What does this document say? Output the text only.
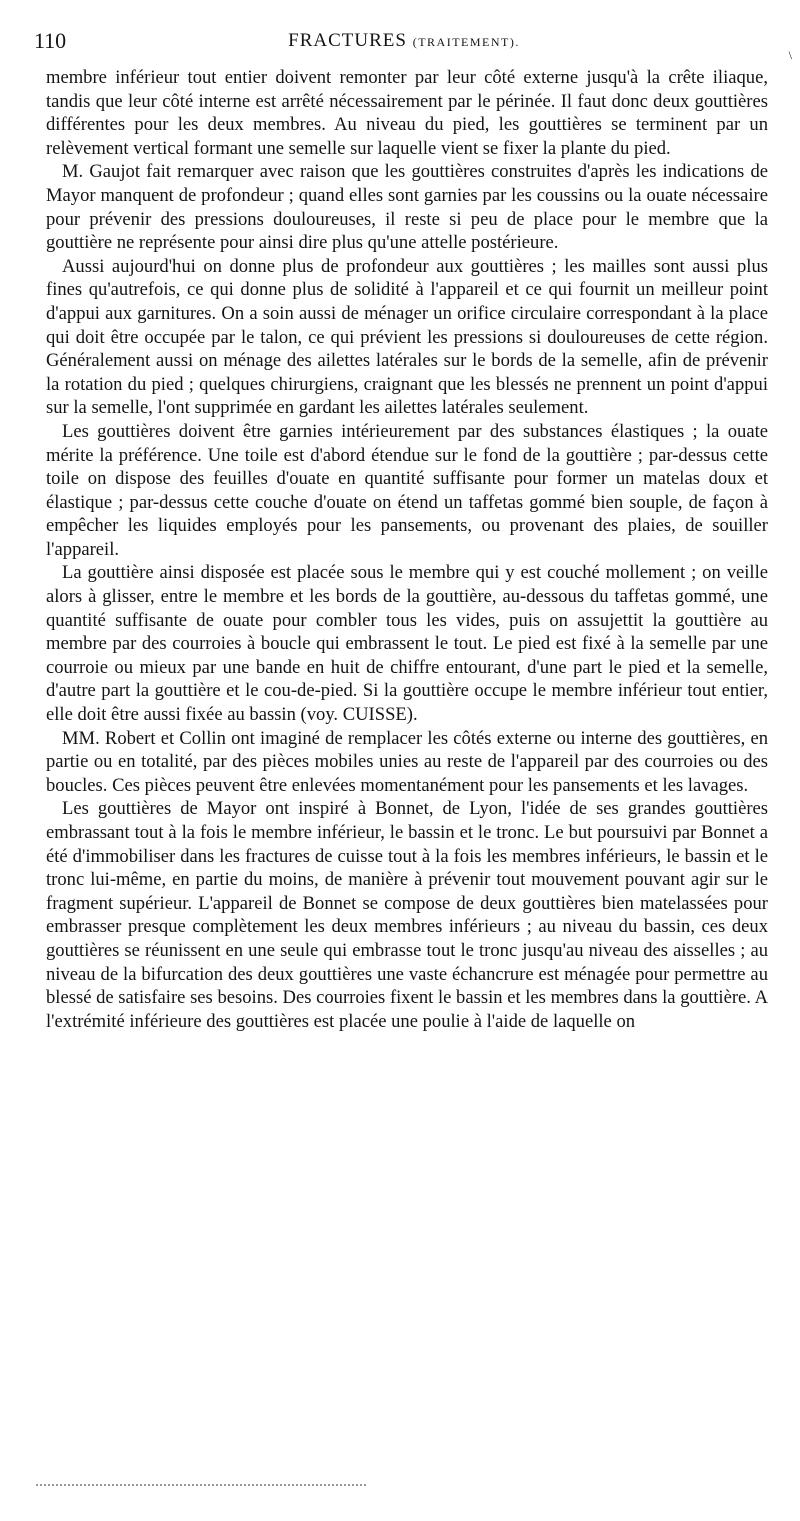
110	FRACTURES (TRAITEMENT).
\

membre inférieur tout entier doivent remonter par leur côté externe jusqu'à la crête iliaque, tandis que leur côté interne est arrêté nécessairement par le périnée. Il faut donc deux gouttières différentes pour les deux membres. Au niveau du pied, les gouttières se terminent par un relèvement vertical formant une semelle sur laquelle vient se fixer la plante du pied.

M. Gaujot fait remarquer avec raison que les gouttières construites d'après les indications de Mayor manquent de profondeur ; quand elles sont garnies par les coussins ou la ouate nécessaire pour prévenir des pressions douloureuses, il reste si peu de place pour le membre que la gouttière ne représente pour ainsi dire plus qu'une attelle postérieure.

Aussi aujourd'hui on donne plus de profondeur aux gouttières ; les mailles sont aussi plus fines qu'autrefois, ce qui donne plus de solidité à l'appareil et ce qui fournit un meilleur point d'appui aux garnitures. On a soin aussi de ménager un orifice circulaire correspondant à la place qui doit être occupée par le talon, ce qui prévient les pressions si douloureuses de cette région. Généralement aussi on ménage des ailettes latérales sur le bords de la semelle, afin de prévenir la rotation du pied ; quelques chirurgiens, craignant que les blessés ne prennent un point d'appui sur la semelle, l'ont supprimée en gardant les ailettes latérales seulement.

Les gouttières doivent être garnies intérieurement par des substances élastiques ; la ouate mérite la préférence. Une toile est d'abord étendue sur le fond de la gouttière ; par-dessus cette toile on dispose des feuilles d'ouate en quantité suffisante pour former un matelas doux et élastique ; par-dessus cette couche d'ouate on étend un taffetas gommé bien souple, de façon à empêcher les liquides employés pour les pansements, ou provenant des plaies, de souiller l'appareil.

La gouttière ainsi disposée est placée sous le membre qui y est couché mollement ; on veille alors à glisser, entre le membre et les bords de la gouttière, au-dessous du taffetas gommé, une quantité suffisante de ouate pour combler tous les vides, puis on assujettit la gouttière au membre par des courroies à boucle qui embrassent le tout. Le pied est fixé à la semelle par une courroie ou mieux par une bande en huit de chiffre entourant, d'une part le pied et la semelle, d'autre part la gouttière et le cou-de-pied. Si la gouttière occupe le membre inférieur tout entier, elle doit être aussi fixée au bassin (voy. CUISSE).

MM. Robert et Collin ont imaginé de remplacer les côtés externe ou interne des gouttières, en partie ou en totalité, par des pièces mobiles unies au reste de l'appareil par des courroies ou des boucles. Ces pièces peuvent être enlevées momentanément pour les pansements et les lavages.

Les gouttières de Mayor ont inspiré à Bonnet, de Lyon, l'idée de ses grandes gouttières embrassant tout à la fois le membre inférieur, le bassin et le tronc. Le but poursuivi par Bonnet a été d'immobiliser dans les fractures de cuisse tout à la fois les membres inférieurs, le bassin et le tronc lui-même, en partie du moins, de manière à prévenir tout mouvement pouvant agir sur le fragment supérieur. L'appareil de Bonnet se compose de deux gouttières bien matelassées pour embrasser presque complètement les deux membres inférieurs ; au niveau du bassin, ces deux gouttières se réunissent en une seule qui embrasse tout le tronc jusqu'au niveau des aisselles ; au niveau de la bifurcation des deux gouttières une vaste échancrure est ménagée pour permettre au blessé de satisfaire ses besoins. Des courroies fixent le bassin et les membres dans la gouttière. A l'extrémité inférieure des gouttières est placée une poulie à l'aide de laquelle on
